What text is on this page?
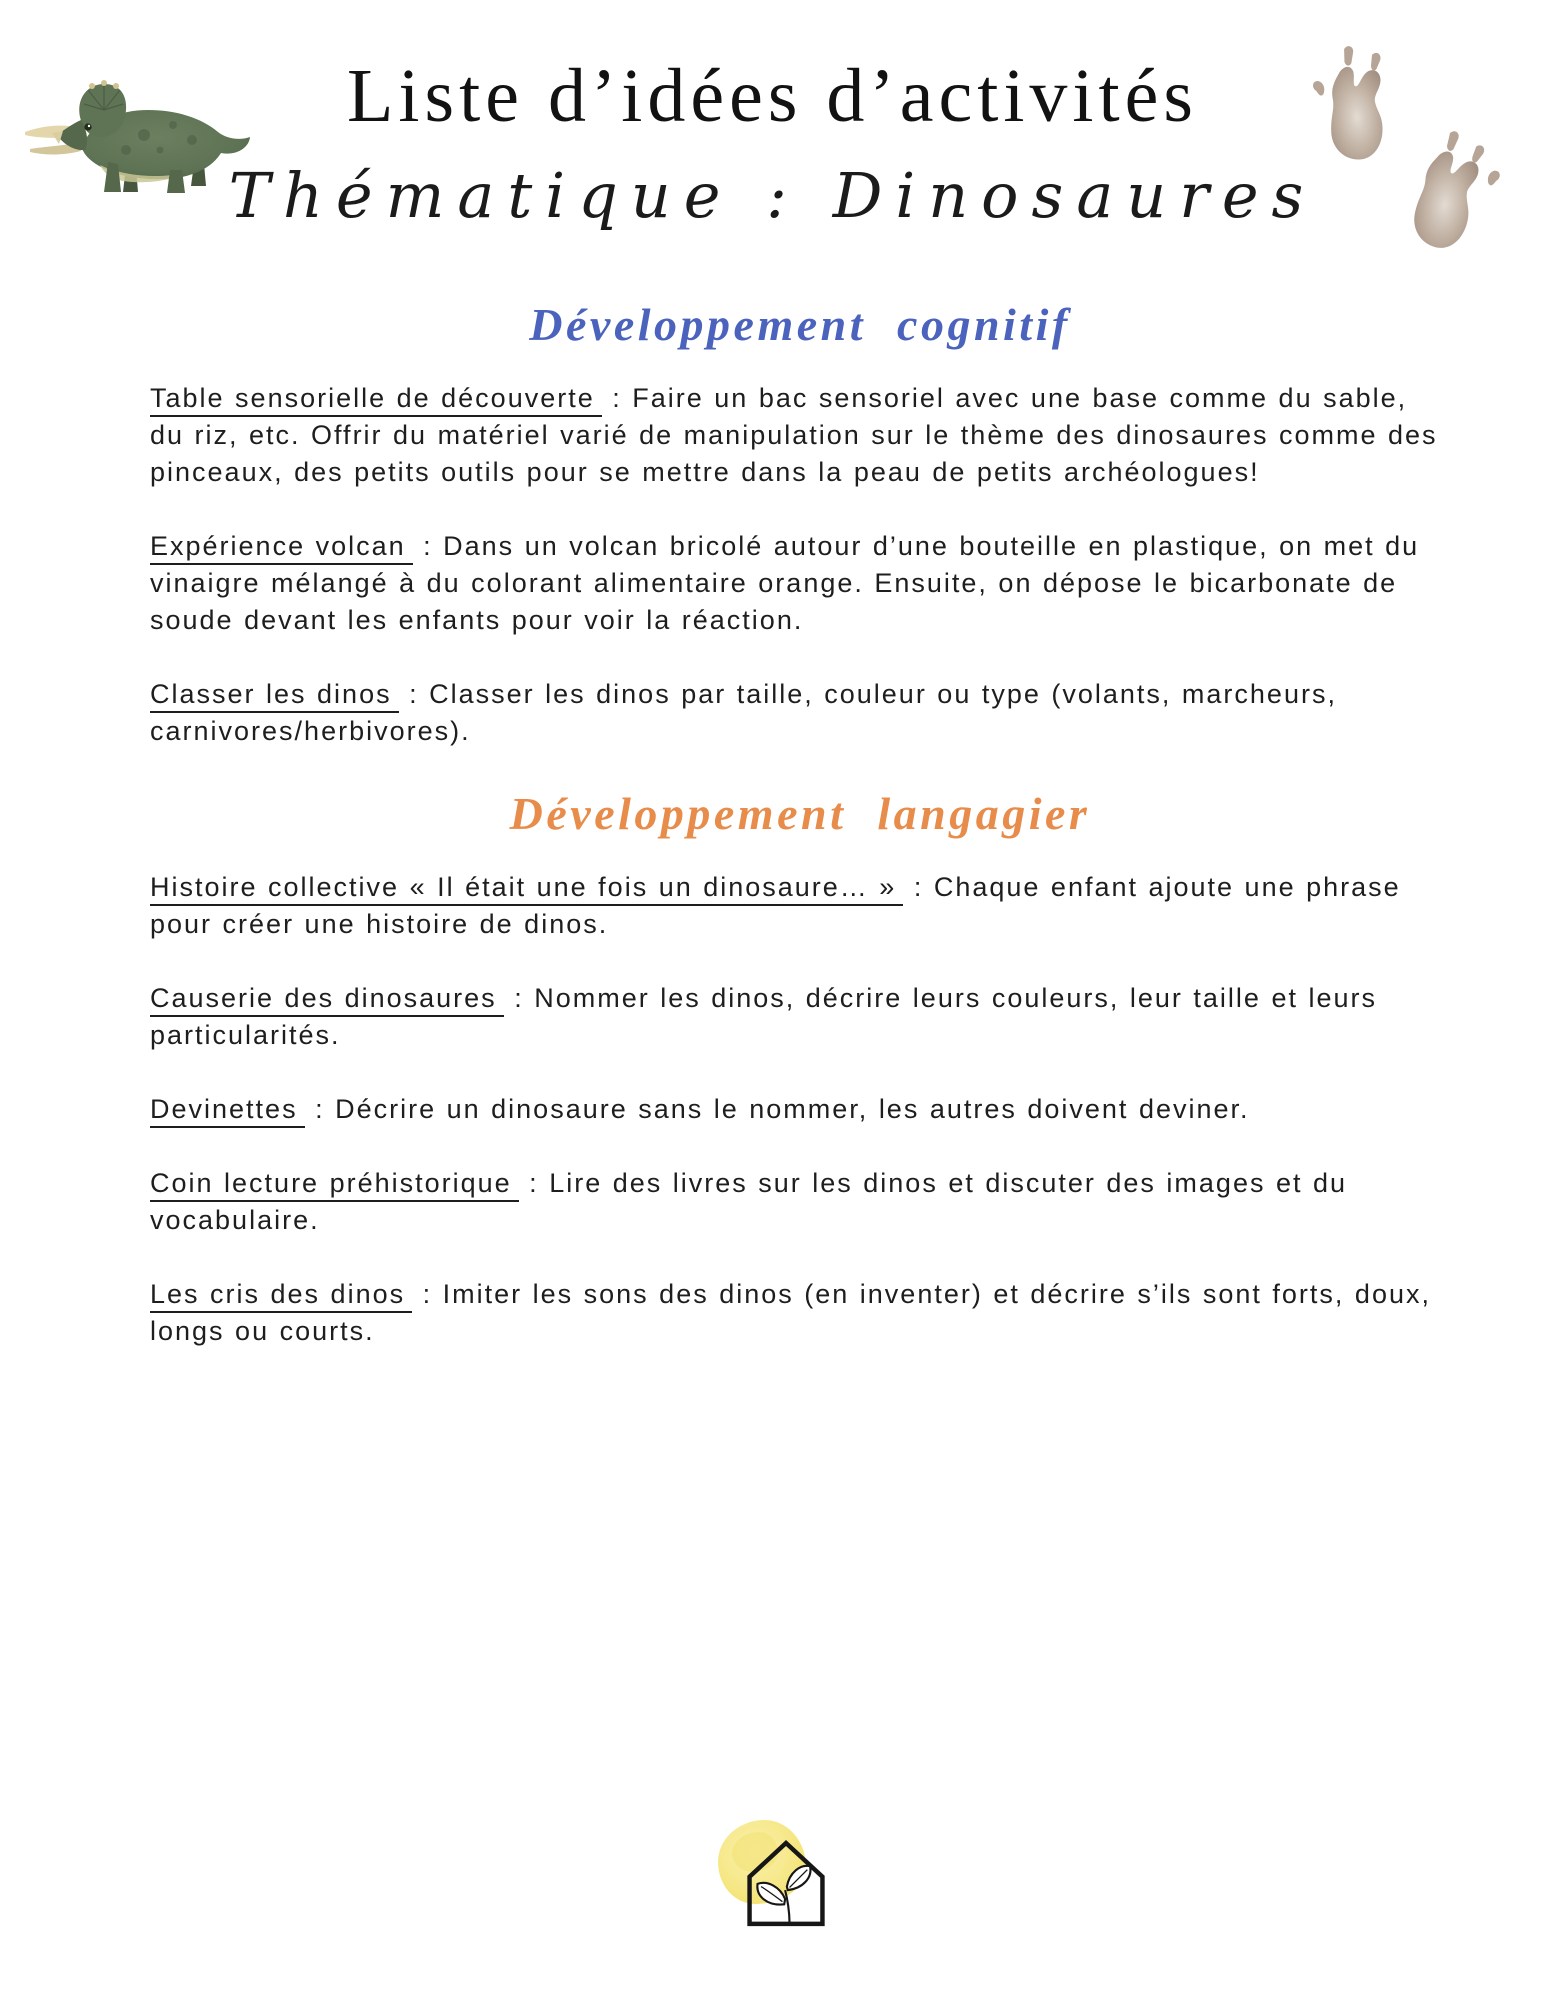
Liste d’idées d’activités
Thématique : Dinosaures
Développement cognitif

Table sensorielle de découverte : Faire un bac sensoriel avec une base comme du sable, du riz, etc. Offrir du matériel varié de manipulation sur le thème des dinosaures comme des pinceaux, des petits outils pour se mettre dans la peau de petits archéologues!

Expérience volcan : Dans un volcan bricolé autour d’une bouteille en plastique, on met du vinaigre mélangé à du colorant alimentaire orange. Ensuite, on dépose le bicarbonate de soude devant les enfants pour voir la réaction.

Classer les dinos : Classer les dinos par taille, couleur ou type (volants, marcheurs, carnivores/herbivores).

Développement langagier

Histoire collective « Il était une fois un dinosaure… » : Chaque enfant ajoute une phrase pour créer une histoire de dinos.

Causerie des dinosaures : Nommer les dinos, décrire leurs couleurs, leur taille et leurs particularités.

Devinettes : Décrire un dinosaure sans le nommer, les autres doivent deviner.

Coin lecture préhistorique : Lire des livres sur les dinos et discuter des images et du vocabulaire.

Les cris des dinos : Imiter les sons des dinos (en inventer) et décrire s’ils sont forts, doux, longs ou courts.
